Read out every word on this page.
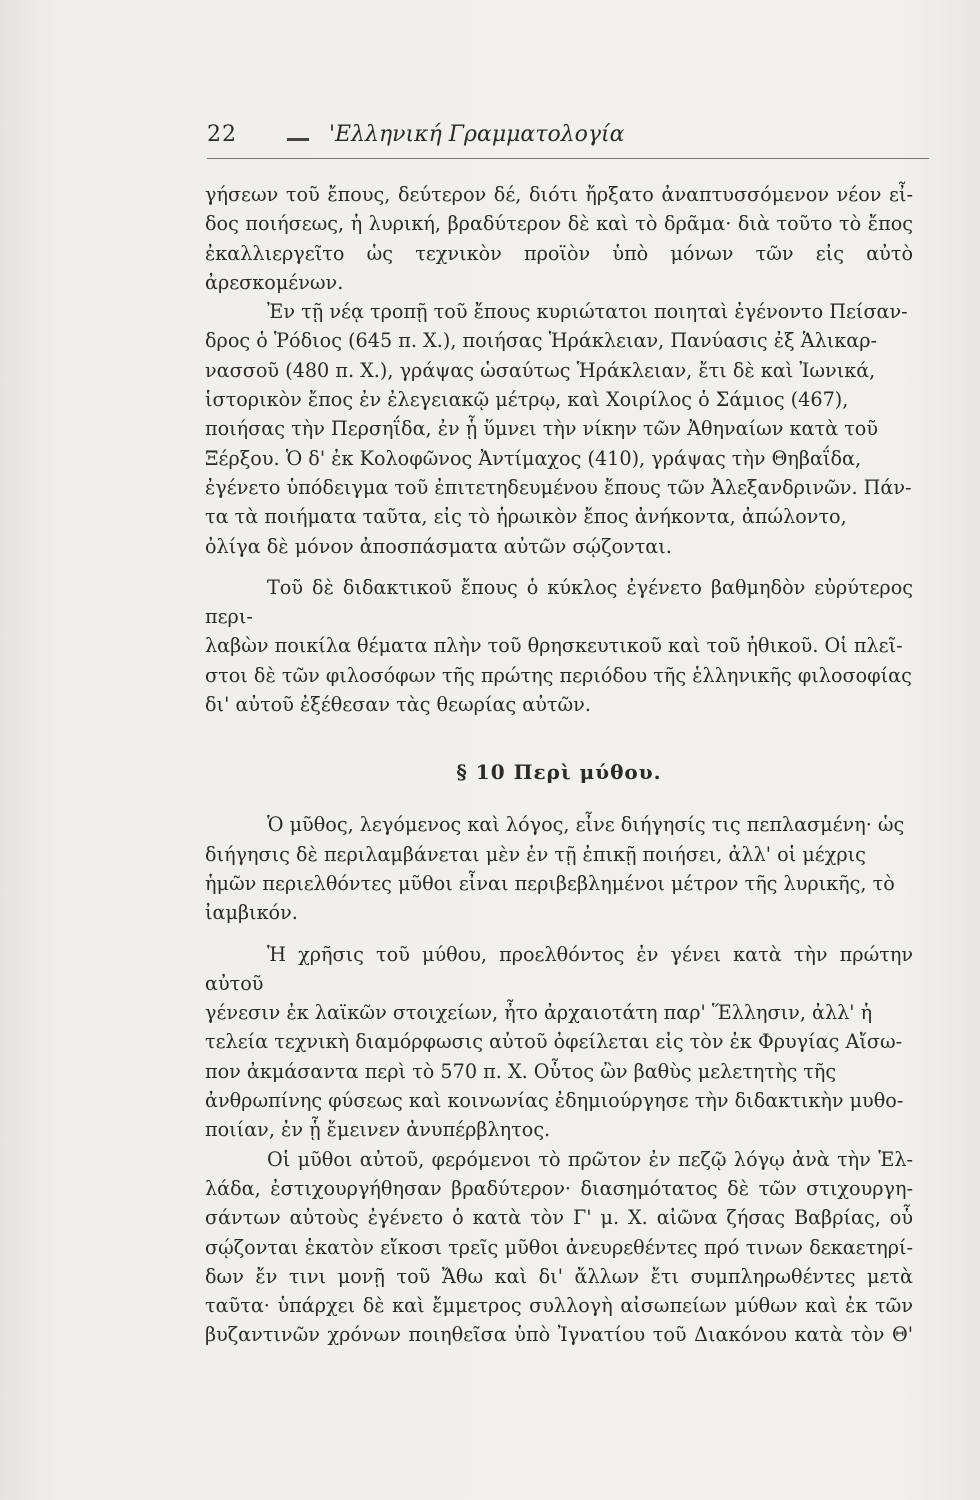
22	'Ελληνική Γραμματολογία

γήσεων τοῦ ἔπους, δεύτερον δέ, διότι ἤρξατο ἀναπτυσσόμενον νέον εἶ-
δος ποιήσεως, ἡ λυρική, βραδύτερον δὲ καὶ τὸ δρᾶμα· διὰ τοῦτο τὸ ἔπος
ἐκαλλιεργεῖτο ὡς τεχνικὸν προϊὸν ὑπὸ μόνων τῶν εἰς αὐτὸ ἀρεσκομένων.

Ἐν τῇ νέᾳ τροπῇ τοῦ ἔπους κυριώτατοι ποιηταὶ ἐγένοντο Πείσαν-
δρος ὁ Ῥόδιος (645 π. Χ.), ποιήσας Ἡράκλειαν, Πανύασις ἐξ Ἁλικαρ-
νασσοῦ (480 π. Χ.), γράψας ὡσαύτως Ἡράκλειαν, ἔτι δὲ καὶ Ἰωνικά,
ἱστορικὸν ἔπος ἐν ἐλεγειακῷ μέτρῳ, καὶ Χοιρίλος ὁ Σάμιος (467),
ποιήσας τὴν Περσηΐδα, ἐν ᾗ ὕμνει τὴν νίκην τῶν Ἀθηναίων κατὰ τοῦ
Ξέρξου. Ὁ δ' ἐκ Κολοφῶνος Ἀντίμαχος (410), γράψας τὴν Θηβαΐδα,
ἐγένετο ὑπόδειγμα τοῦ ἐπιτετηδευμένου ἔπους τῶν Ἀλεξανδρινῶν. Πάν-
τα τὰ ποιήματα ταῦτα, εἰς τὸ ἡρωικὸν ἔπος ἀνήκοντα, ἀπώλοντο,
ὀλίγα δὲ μόνον ἀποσπάσματα αὐτῶν σῴζονται.

Τοῦ δὲ διδακτικοῦ ἔπους ὁ κύκλος ἐγένετο βαθμηδὸν εὐρύτερος περι-
λαβὼν ποικίλα θέματα πλὴν τοῦ θρησκευτικοῦ καὶ τοῦ ἠθικοῦ. Οἱ πλεῖ-
στοι δὲ τῶν φιλοσόφων τῆς πρώτης περιόδου τῆς ἑλληνικῆς φιλοσοφίας
δι' αὐτοῦ ἐξέθεσαν τὰς θεωρίας αὐτῶν.

§ 10 Περὶ μύθου.

Ὁ μῦθος, λεγόμενος καὶ λόγος, εἶνε διήγησίς τις πεπλασμένη· ὡς
διήγησις δὲ περιλαμβάνεται μὲν ἐν τῇ ἐπικῇ ποιήσει, ἀλλ' οἱ μέχρις
ἡμῶν περιελθόντες μῦθοι εἶναι περιβεβλημένοι μέτρον τῆς λυρικῆς, τὸ
ἰαμβικόν.

Ἡ χρῆσις τοῦ μύθου, προελθόντος ἐν γένει κατὰ τὴν πρώτην αὐτοῦ
γένεσιν ἐκ λαϊκῶν στοιχείων, ἦτο ἀρχαιοτάτη παρ' Ἕλλησιν, ἀλλ' ἡ
τελεία τεχνικὴ διαμόρφωσις αὐτοῦ ὀφείλεται εἰς τὸν ἐκ Φρυγίας Αἴσω-
πον ἀκμάσαντα περὶ τὸ 570 π. Χ. Οὗτος ὢν βαθὺς μελετητὴς τῆς
ἀνθρωπίνης φύσεως καὶ κοινωνίας ἐδημιούργησε τὴν διδακτικὴν μυθο-
ποιίαν, ἐν ᾗ ἔμεινεν ἀνυπέρβλητος.

Οἱ μῦθοι αὐτοῦ, φερόμενοι τὸ πρῶτον ἐν πεζῷ λόγῳ ἀνὰ τὴν Ἑλ-
λάδα, ἐστιχουργήθησαν βραδύτερον· διασημότατος δὲ τῶν στιχουργη-
σάντων αὐτοὺς ἐγένετο ὁ κατὰ τὸν Γ' μ. Χ. αἰῶνα ζήσας Βαβρίας, οὗ
σῴζονται ἑκατὸν εἴκοσι τρεῖς μῦθοι ἀνευρεθέντες πρό τινων δεκαετηρί-
δων ἔν τινι μονῇ τοῦ Ἄθω καὶ δι' ἄλλων ἔτι συμπληρωθέντες μετὰ
ταῦτα· ὑπάρχει δὲ καὶ ἔμμετρος συλλογὴ αἰσωπείων μύθων καὶ ἐκ τῶν
βυζαντινῶν χρόνων ποιηθεῖσα ὑπὸ Ἰγνατίου τοῦ Διακόνου κατὰ τὸν Θ'
